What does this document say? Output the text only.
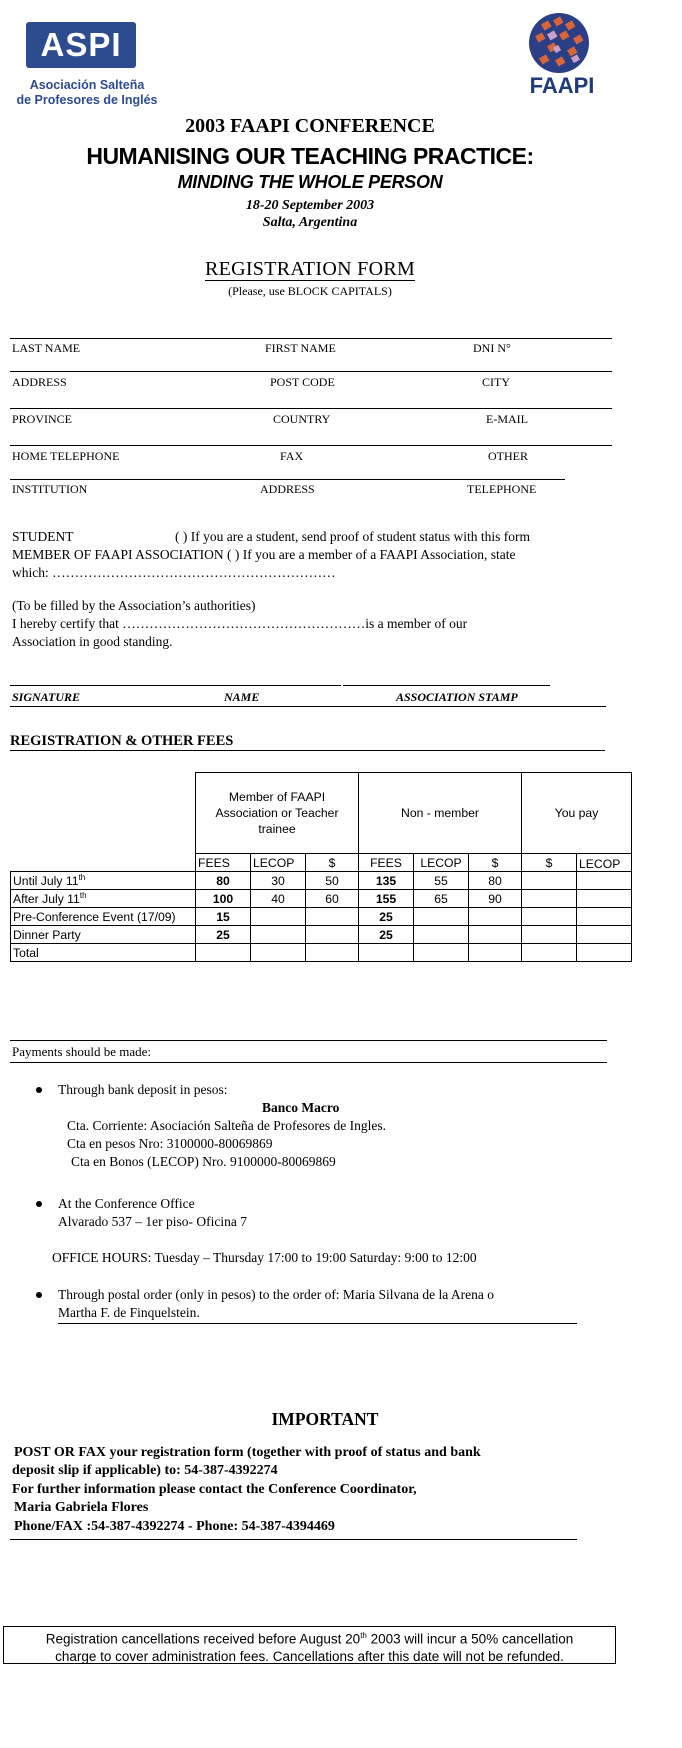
ASPI
Asociación Salteña
de Profesores de Inglés
FAAPI
2003 FAAPI CONFERENCE
HUMANISING OUR TEACHING PRACTICE:
MINDING THE WHOLE PERSON
18-20 September 2003
Salta, Argentina
REGISTRATION FORM
(Please, use BLOCK CAPITALS)
LAST NAME	FIRST NAME	DNI N°
ADDRESS	POST CODE	CITY
PROVINCE	COUNTRY	E-MAIL
HOME TELEPHONE	FAX	OTHER
INSTITUTION	ADDRESS	TELEPHONE
STUDENT	( ) If you are a student, send proof of student status with this form
MEMBER OF FAAPI ASSOCIATION ( ) If you are a member of a FAAPI Association, state
which: ………………………………………………………
(To be filled by the Association’s authorities)
I hereby certify that ………………………………………………is a member of our
Association in good standing.
SIGNATURE	NAME	ASSOCIATION STAMP
REGISTRATION & OTHER FEES
	Member of FAAPI Association or Teacher trainee			Non - member			You pay	
	FEES	LECOP	$	FEES	LECOP	$	$	LECOP
Until July 11th	80	30	50	135	55	80		
After July 11th	100	40	60	155	65	90		
Pre-Conference Event (17/09)	15			25				
Dinner Party	25			25				
Total								
Payments should be made:
Through bank deposit in pesos:
Banco Macro
Cta. Corriente: Asociación Salteña de Profesores de Ingles.
Cta en pesos Nro: 3100000-80069869
Cta en Bonos (LECOP) Nro. 9100000-80069869
At the Conference Office
Alvarado 537 – 1er piso- Oficina 7
OFFICE HOURS: Tuesday – Thursday 17:00 to 19:00 Saturday: 9:00 to 12:00
Through postal order (only in pesos) to the order of: Maria Silvana de la Arena o
Martha F. de Finquelstein.
IMPORTANT
POST OR FAX your registration form (together with proof of status and bank
deposit slip if applicable) to: 54-387-4392274
For further information please contact the Conference Coordinator,
Maria Gabriela Flores
Phone/FAX :54-387-4392274 - Phone: 54-387-4394469
Registration cancellations received before August 20th 2003 will incur a 50% cancellation
charge to cover administration fees. Cancellations after this date will not be refunded.
